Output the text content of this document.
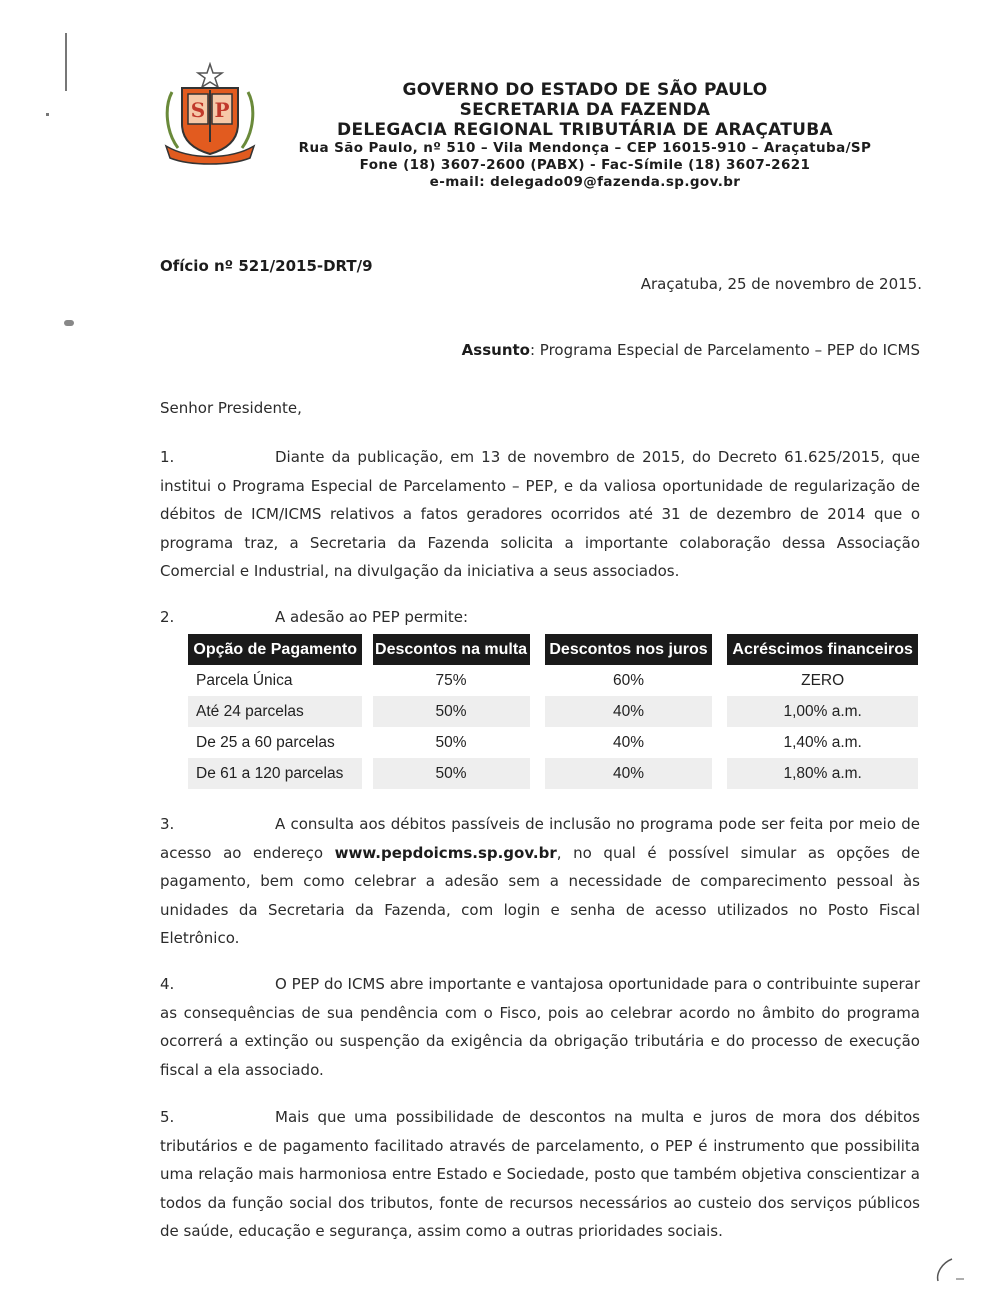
S P
GOVERNO DO ESTADO DE SÃO PAULO
SECRETARIA DA FAZENDA
DELEGACIA REGIONAL TRIBUTÁRIA DE ARAÇATUBA
Rua São Paulo, nº 510 – Vila Mendonça – CEP 16015-910 – Araçatuba/SP
Fone (18) 3607-2600 (PABX) - Fac-Símile (18) 3607-2621
e-mail: delegado09@fazenda.sp.gov.br
Ofício nº 521/2015-DRT/9
Araçatuba, 25 de novembro de 2015.
Assunto: Programa Especial de Parcelamento – PEP do ICMS
Senhor Presidente,
1.	Diante da publicação, em 13 de novembro de 2015, do Decreto 61.625/2015, que institui o Programa Especial de Parcelamento – PEP, e da valiosa oportunidade de regularização de débitos de ICM/ICMS relativos a fatos geradores ocorridos até 31 de dezembro de 2014 que o programa traz, a Secretaria da Fazenda solicita a importante colaboração dessa Associação Comercial e Industrial, na divulgação da iniciativa a seus associados.
2.	A adesão ao PEP permite:
Opção de Pagamento		Descontos na multa		Descontos nos juros		Acréscimos financeiros
Parcela Única		75%		60%		ZERO
Até 24 parcelas		50%		40%		1,00% a.m.
De 25 a 60 parcelas		50%		40%		1,40% a.m.
De 61 a 120 parcelas		50%		40%		1,80% a.m.
3.	A consulta aos débitos passíveis de inclusão no programa pode ser feita por meio de acesso ao endereço www.pepdoicms.sp.gov.br, no qual é possível simular as opções de pagamento, bem como celebrar a adesão sem a necessidade de comparecimento pessoal às unidades da Secretaria da Fazenda, com login e senha de acesso utilizados no Posto Fiscal Eletrônico.
4.	O PEP do ICMS abre importante e vantajosa oportunidade para o contribuinte superar as consequências de sua pendência com o Fisco, pois ao celebrar acordo no âmbito do programa ocorrerá a extinção ou suspenção da exigência da obrigação tributária e do processo de execução fiscal a ela associado.
5.	Mais que uma possibilidade de descontos na multa e juros de mora dos débitos tributários e de pagamento facilitado através de parcelamento, o PEP é instrumento que possibilita uma relação mais harmoniosa entre Estado e Sociedade, posto que também objetiva conscientizar a todos da função social dos tributos, fonte de recursos necessários ao custeio dos serviços públicos de saúde, educação e segurança, assim como a outras prioridades sociais.
